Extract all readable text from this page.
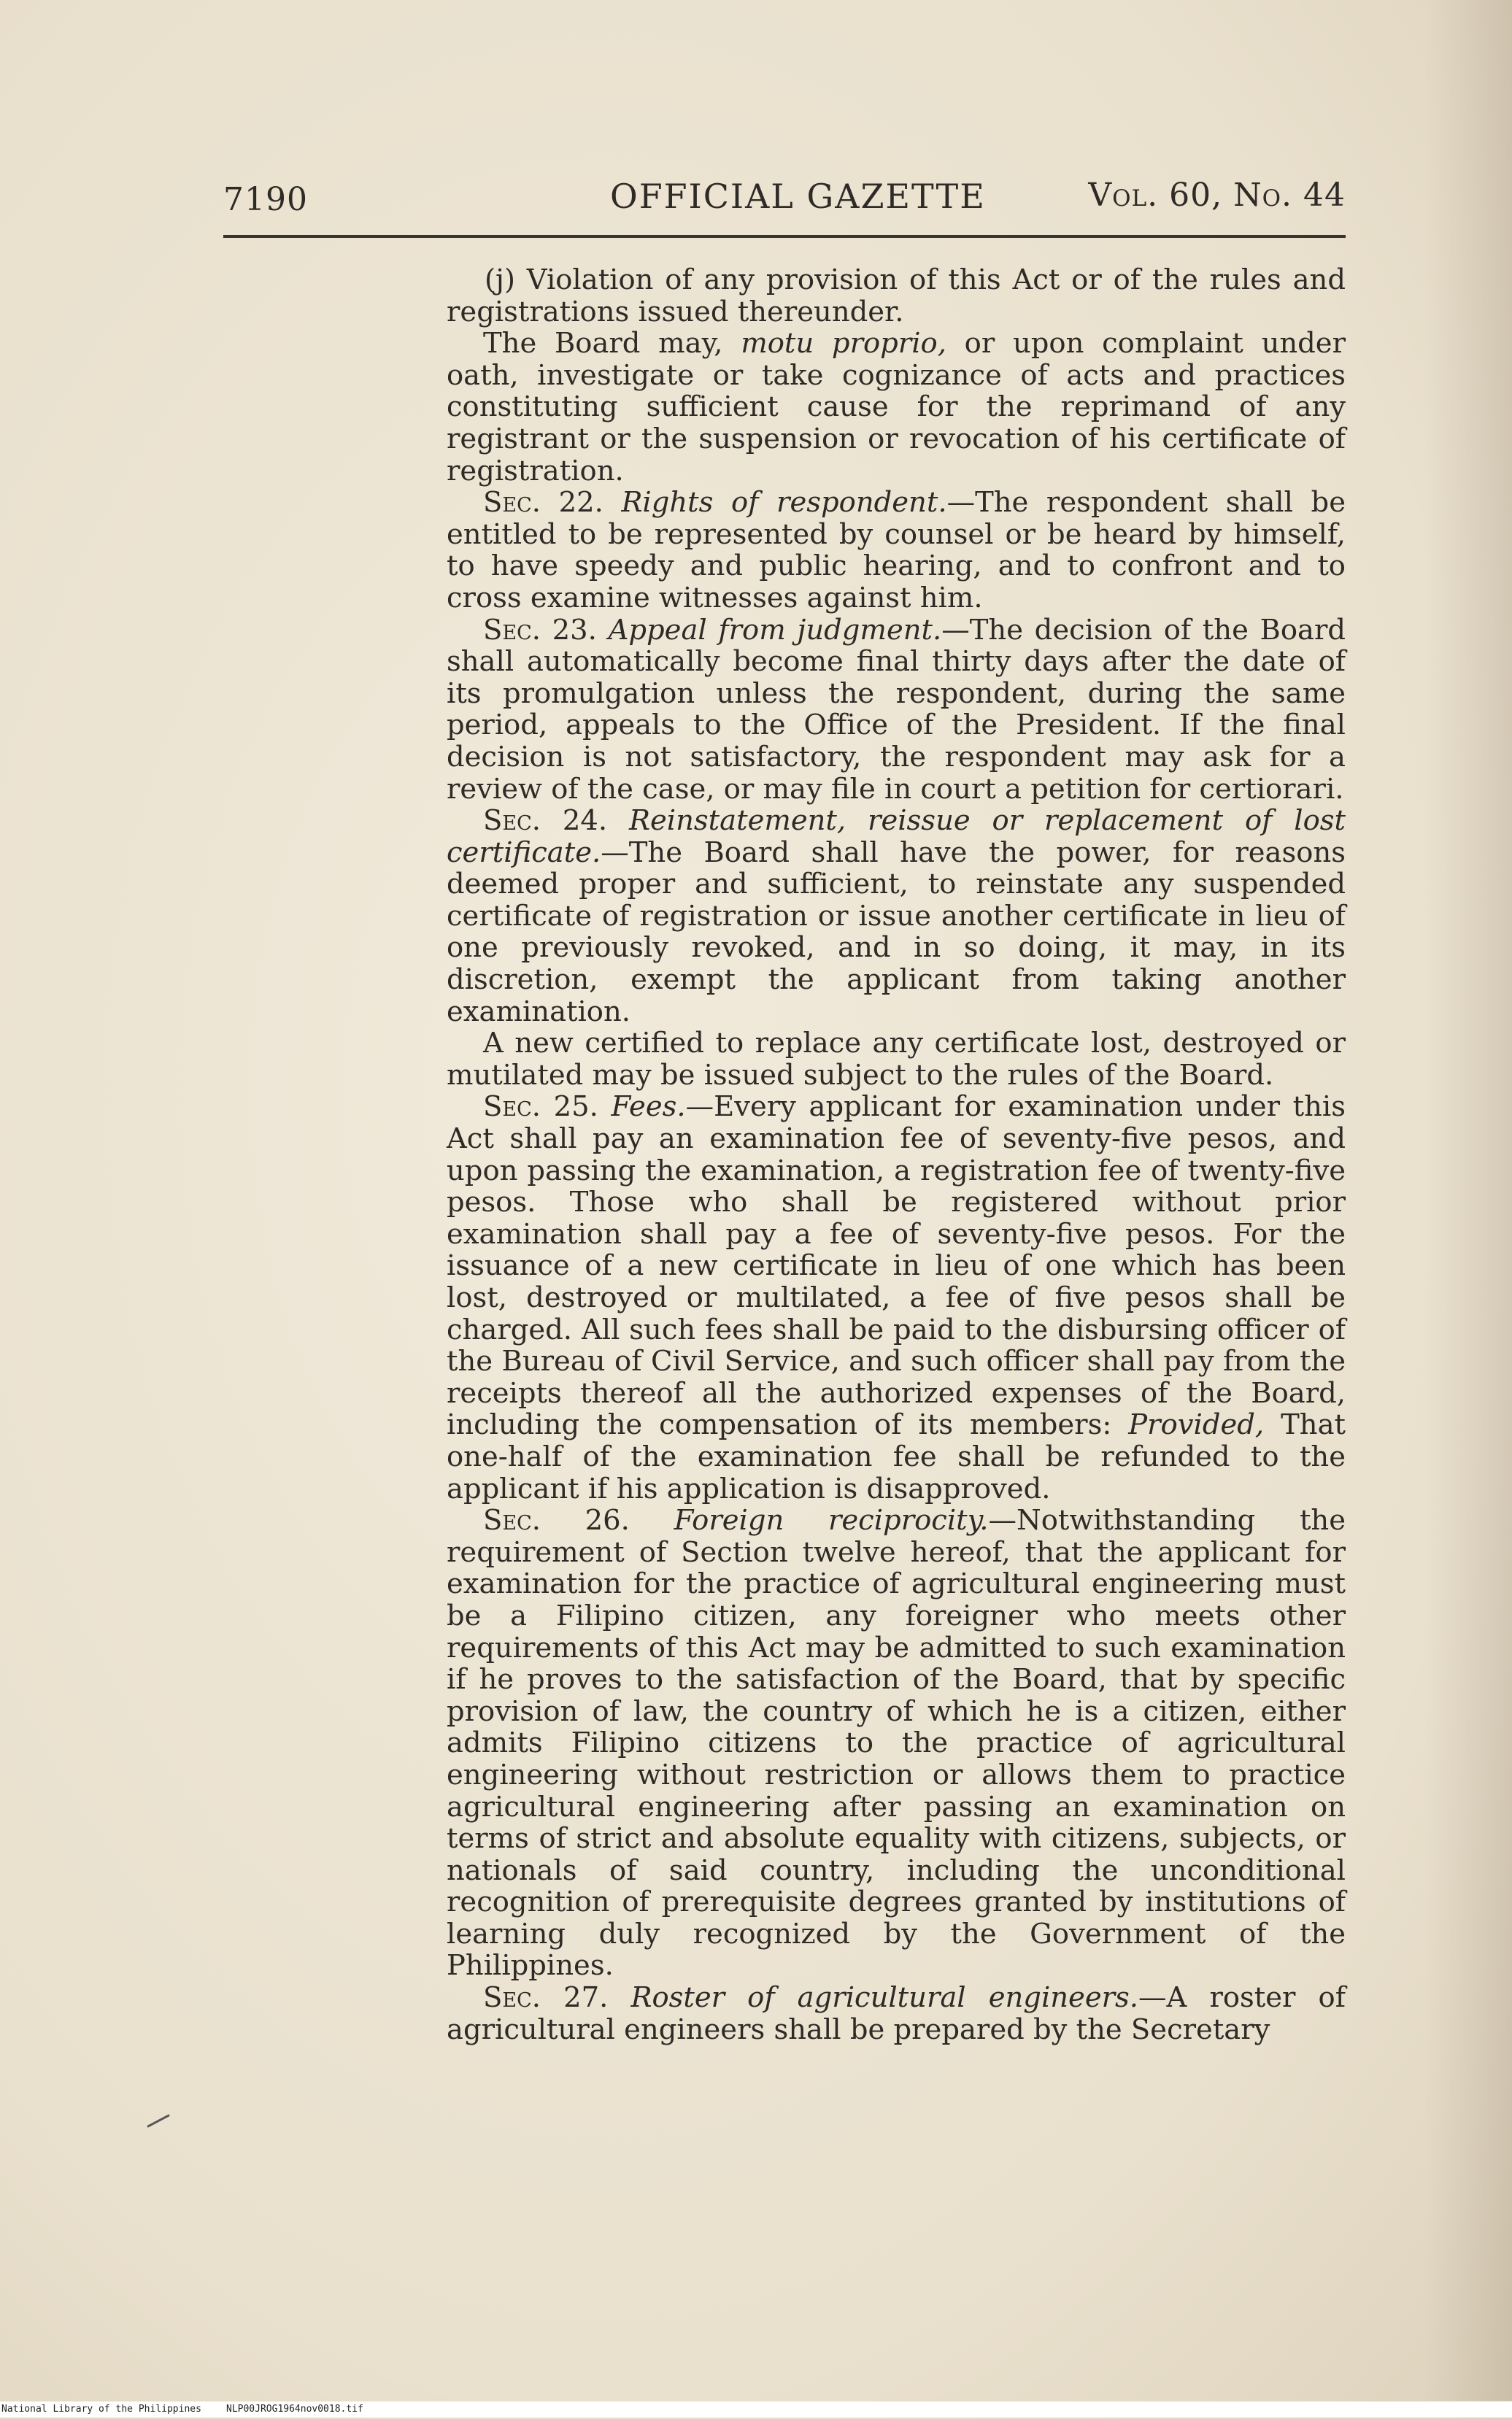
7190	OFFICIAL GAZETTE	Vol. 60, No. 44

(j) Violation of any provision of this Act or of the rules and registrations issued thereunder.

The Board may, motu proprio, or upon complaint under oath, investigate or take cognizance of acts and practices constituting sufficient cause for the reprimand of any registrant or the suspension or revocation of his certificate of registration.

Sec. 22. Rights of respondent.—The respondent shall be entitled to be represented by counsel or be heard by himself, to have speedy and public hearing, and to confront and to cross examine witnesses against him.

Sec. 23. Appeal from judgment.—The decision of the Board shall automatically become final thirty days after the date of its promulgation unless the respondent, during the same period, appeals to the Office of the President. If the final decision is not satisfactory, the respondent may ask for a review of the case, or may file in court a petition for certiorari.

Sec. 24. Reinstatement, reissue or replacement of lost certificate.—The Board shall have the power, for reasons deemed proper and sufficient, to reinstate any suspended certificate of registration or issue another certificate in lieu of one previously revoked, and in so doing, it may, in its discretion, exempt the applicant from taking another examination.

A new certified to replace any certificate lost, destroyed or mutilated may be issued subject to the rules of the Board.

Sec. 25. Fees.—Every applicant for examination under this Act shall pay an examination fee of seventy-five pesos, and upon passing the examination, a registration fee of twenty-five pesos. Those who shall be registered without prior examination shall pay a fee of seventy-five pesos. For the issuance of a new certificate in lieu of one which has been lost, destroyed or multilated, a fee of five pesos shall be charged. All such fees shall be paid to the disbursing officer of the Bureau of Civil Service, and such officer shall pay from the receipts thereof all the authorized expenses of the Board, including the compensation of its members: Provided, That one-half of the examination fee shall be refunded to the applicant if his application is disapproved.

Sec. 26. Foreign reciprocity.—Notwithstanding the requirement of Section twelve hereof, that the applicant for examination for the practice of agricultural engineering must be a Filipino citizen, any foreigner who meets other requirements of this Act may be admitted to such examination if he proves to the satisfaction of the Board, that by specific provision of law, the country of which he is a citizen, either admits Filipino citizens to the practice of agricultural engineering without restriction or allows them to practice agricultural engineering after passing an examination on terms of strict and absolute equality with citizens, subjects, or nationals of said country, including the unconditional recognition of prerequisite degrees granted by institutions of learning duly recognized by the Government of the Philippines.

Sec. 27. Roster of agricultural engineers.—A roster of agricultural engineers shall be prepared by the Secretary

National Library of the Philippines	NLP00JROG1964nov0018.tif
